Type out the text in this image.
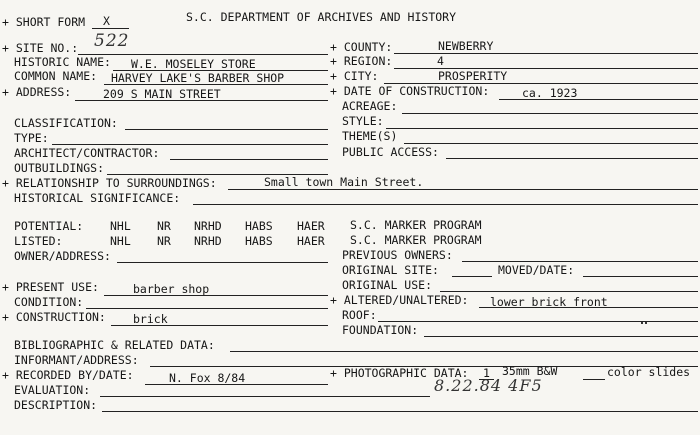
+ SHORT FORM X	S.C. DEPARTMENT OF ARCHIVES AND HISTORY
+ SITE NO.: 522	+ COUNTY:	NEWBERRY
HISTORIC NAME: W.E. MOSELEY STORE	+ REGION:	4
COMMON NAME: HARVEY LAKE'S BARBER SHOP	+ CITY:	PROSPERITY
+ ADDRESS:	209 S MAIN STREET	+ DATE OF CONSTRUCTION:	ca. 1923
ACREAGE:
CLASSIFICATION:	STYLE:
TYPE:	THEME(S)
ARCHITECT/CONTRACTOR:	PUBLIC ACCESS:
OUTBUILDINGS:
+ RELATIONSHIP TO SURROUNDINGS:	Small town Main Street.
HISTORICAL SIGNIFICANCE:
POTENTIAL: NHL NR NRHD HABS HAER S.C. MARKER PROGRAM
LISTED:	NHL NR NRHD HABS HAER S.C. MARKER PROGRAM
OWNER/ADDRESS:	PREVIOUS OWNERS:
ORIGINAL SITE:	MOVED/DATE:
+ PRESENT USE:	barber shop	ORIGINAL USE:
CONDITION:	+ ALTERED/UNALTERED: lower brick front
+ CONSTRUCTION: brick	ROOF:
FOUNDATION:
BIBLIOGRAPHIC & RELATED DATA:
INFORMANT/ADDRESS:
+ RECORDED BY/DATE:	N. Fox 8/84	+ PHOTOGRAPHIC DATA: 1 35mm B&W	color slides
8.22.84 4F5
EVALUATION:
DESCRIPTION:
